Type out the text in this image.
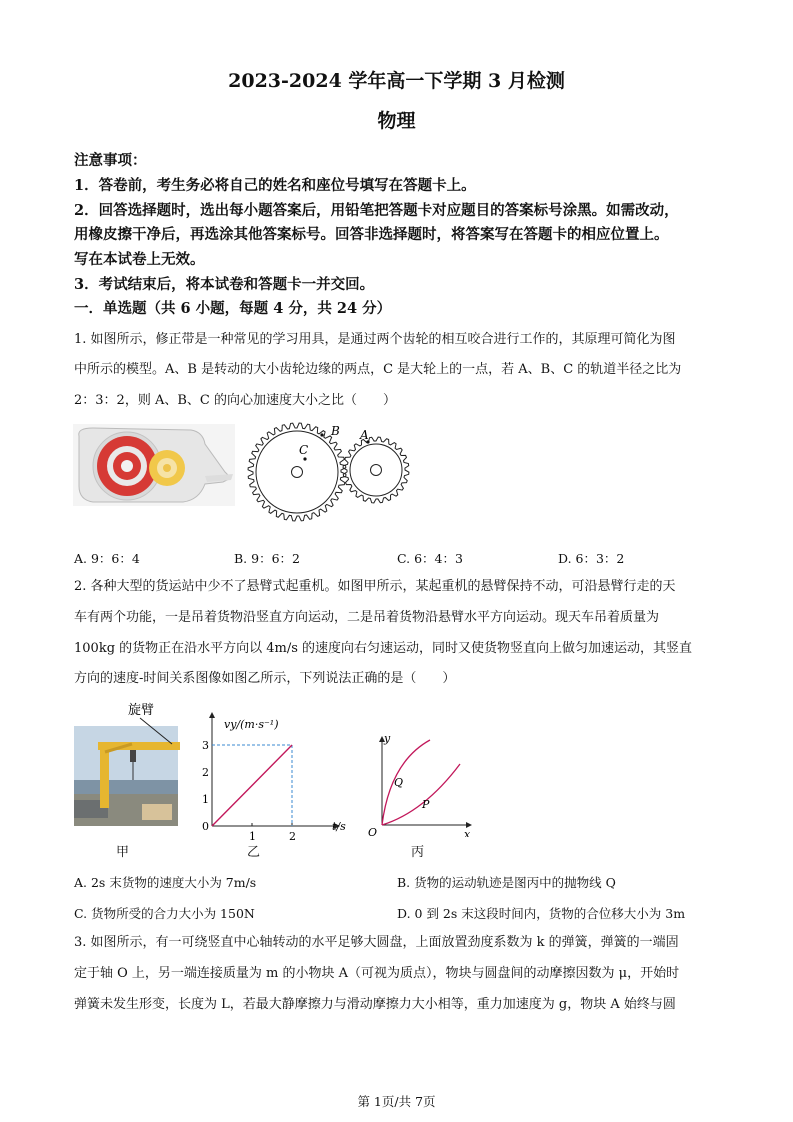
2023-2024 学年高一下学期 3 月检测
物理
注意事项：
1．答卷前，考生务必将自己的姓名和座位号填写在答题卡上。
2．回答选择题时，选出每小题答案后，用铅笔把答题卡对应题目的答案标号涂黑。如需改动，
用橡皮擦干净后，再选涂其他答案标号。回答非选择题时，将答案写在答题卡的相应位置上。
写在本试卷上无效。
3．考试结束后，将本试卷和答题卡一并交回。
一．单选题（共 6 小题，每题 4 分，共 24 分）
1. 如图所示，修正带是一种常见的学习用具，是通过两个齿轮的相互咬合进行工作的，其原理可简化为图
中所示的模型。A、B 是转动的大小齿轮边缘的两点，C 是大轮上的一点，若 A、B、C 的轨道半径之比为
2：3：2，则 A、B、C 的向心加速度大小之比（　　）
C
B A
A. 9：6：4	B. 9：6：2	C. 6：4：3	D. 6：3：2
2. 各种大型的货运站中少不了悬臂式起重机。如图甲所示，某起重机的悬臂保持不动，可沿悬臂行走的天
车有两个功能，一是吊着货物沿竖直方向运动，二是吊着货物沿悬臂水平方向运动。现天车吊着质量为
100kg 的货物正在沿水平方向以 4m/s 的速度向右匀速运动，同时又使货物竖直向上做匀加速运动，其竖直
方向的速度-时间关系图像如图乙所示，下列说法正确的是（　　）
旋臂
vy/(m·s⁻¹)
t/s
0
1
2
3
1	2
y
x
O
Q
P
甲	乙	丙
A. 2s 末货物的速度大小为 7m/s	B. 货物的运动轨迹是图丙中的抛物线 Q
C. 货物所受的合力大小为 150N	D. 0 到 2s 末这段时间内，货物的合位移大小为 3m
3. 如图所示，有一可绕竖直中心轴转动的水平足够大圆盘，上面放置劲度系数为 k 的弹簧，弹簧的一端固
定于轴 O 上，另一端连接质量为 m 的小物块 A（可视为质点），物块与圆盘间的动摩擦因数为 μ，开始时
弹簧未发生形变，长度为 L，若最大静摩擦力与滑动摩擦力大小相等，重力加速度为 g，物块 A 始终与圆
第 1页/共 7页
